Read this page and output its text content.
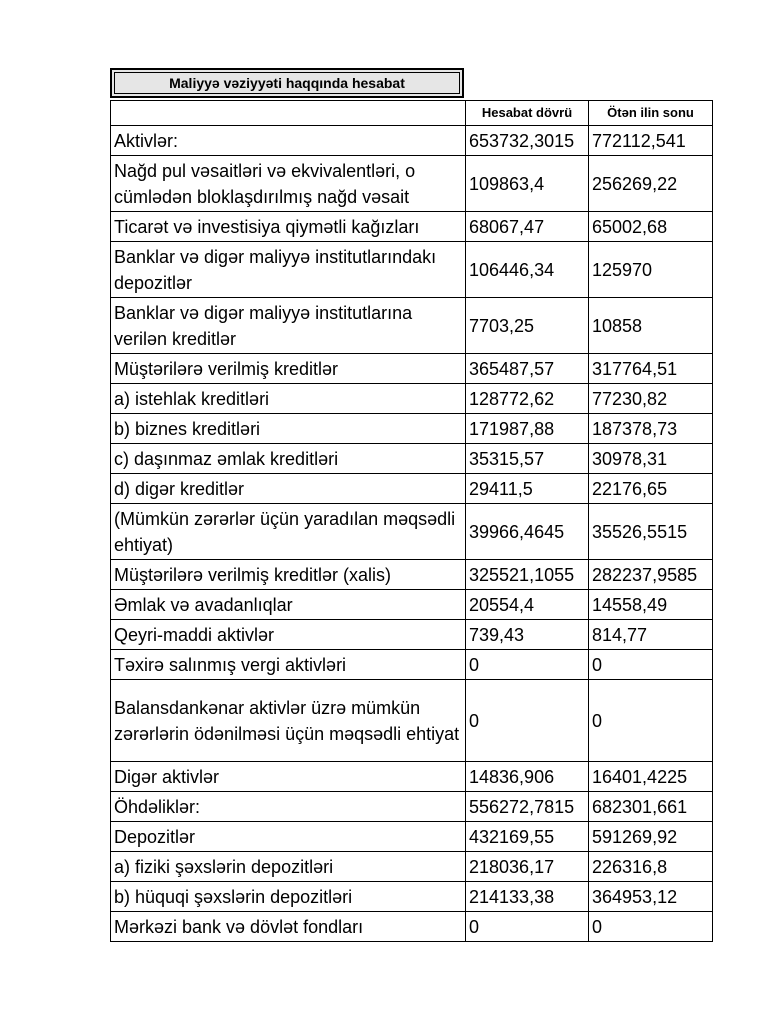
Maliyyə vəziyyəti haqqında hesabat
	Hesabat dövrü	Ötən ilin sonu
Aktivlər:	653732,3015	772112,541
Nağd pul vəsaitləri və ekvivalentləri, o cümlədən bloklaşdırılmış nağd vəsait	109863,4	256269,22
Ticarət və investisiya qiymətli kağızları	68067,47	65002,68
Banklar və digər maliyyə institutlarındakı depozitlər	106446,34	125970
Banklar və digər maliyyə institutlarına verilən kreditlər	7703,25	10858
Müştərilərə verilmiş kreditlər	365487,57	317764,51
a) istehlak kreditləri	128772,62	77230,82
b) biznes kreditləri	171987,88	187378,73
c) daşınmaz əmlak kreditləri	35315,57	30978,31
d) digər kreditlər	29411,5	22176,65
(Mümkün zərərlər üçün yaradılan məqsədli ehtiyat)	39966,4645	35526,5515
Müştərilərə verilmiş kreditlər (xalis)	325521,1055	282237,9585
Əmlak və avadanlıqlar	20554,4	14558,49
Qeyri-maddi aktivlər	739,43	814,77
Təxirə salınmış vergi aktivləri	0	0
Balansdankənar aktivlər üzrə mümkün zərərlərin ödənilməsi üçün məqsədli ehtiyat	0	0
Digər aktivlər	14836,906	16401,4225
Öhdəliklər:	556272,7815	682301,661
Depozitlər	432169,55	591269,92
a) fiziki şəxslərin depozitləri	218036,17	226316,8
b) hüquqi şəxslərin depozitləri	214133,38	364953,12
Mərkəzi bank və dövlət fondları	0	0
